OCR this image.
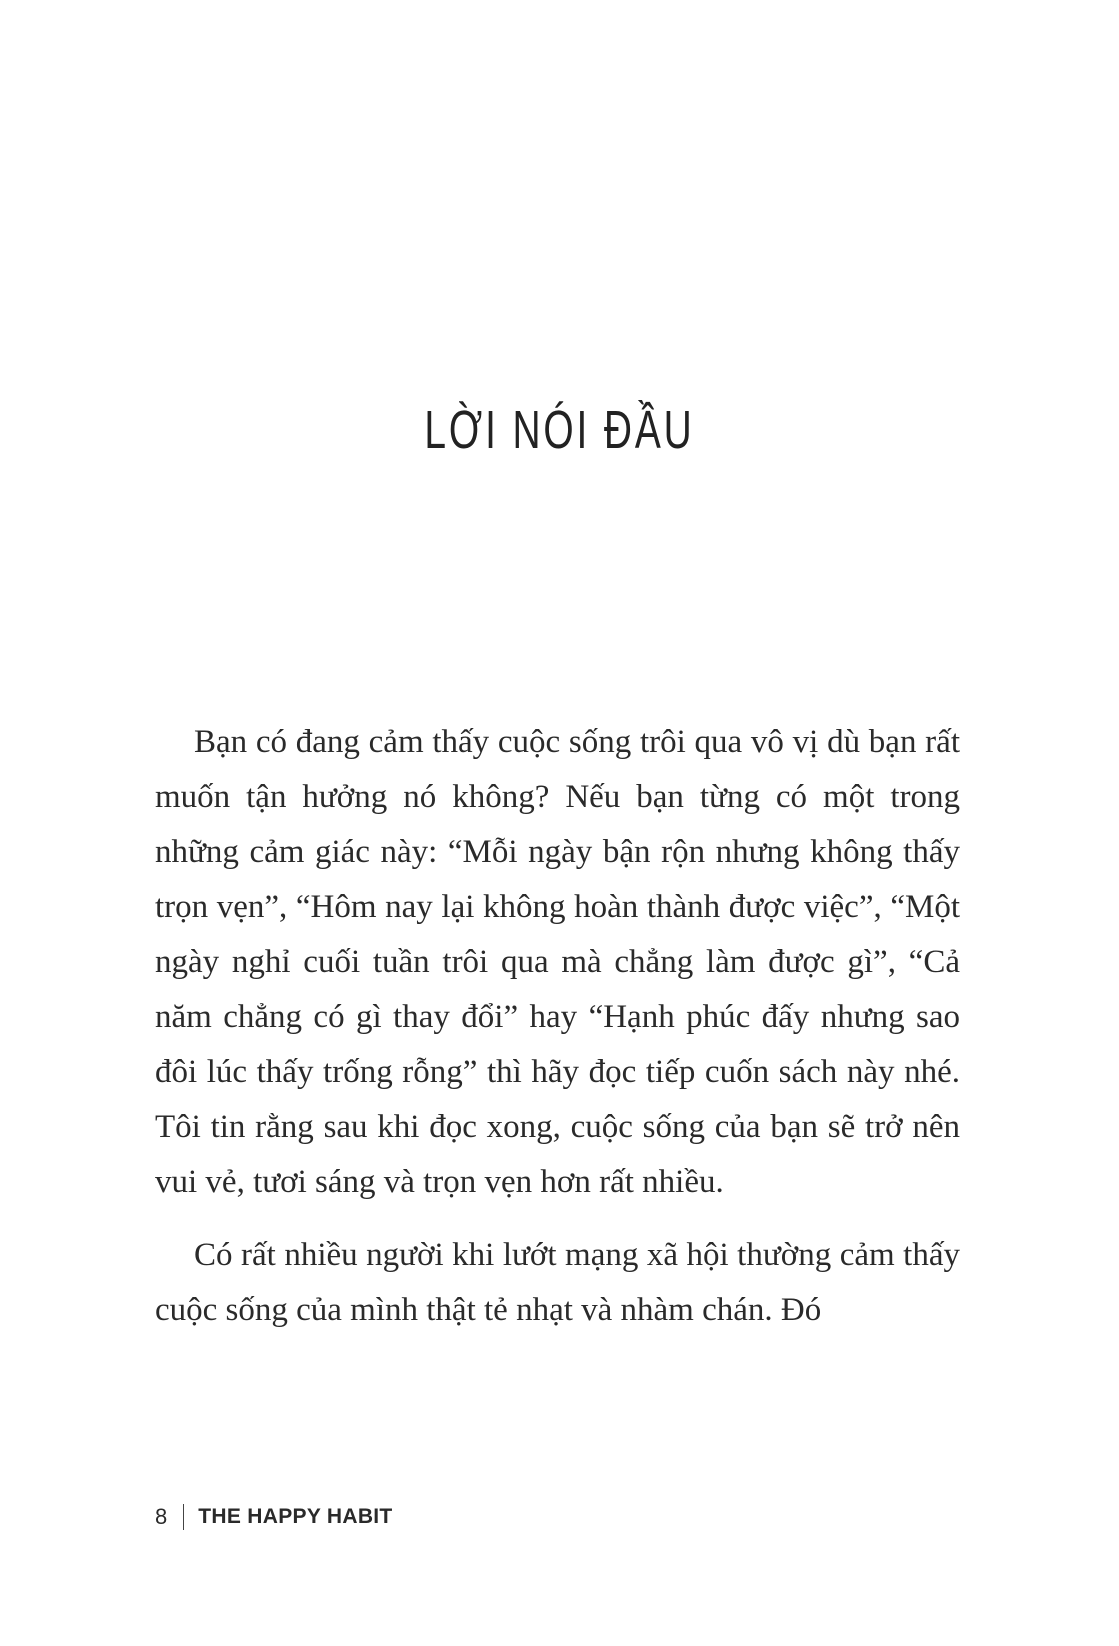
LỜI NÓI ĐẦU

Bạn có đang cảm thấy cuộc sống trôi qua vô vị dù bạn rất muốn tận hưởng nó không? Nếu bạn từng có một trong những cảm giác này: “Mỗi ngày bận rộn nhưng không thấy trọn vẹn”, “Hôm nay lại không hoàn thành được việc”, “Một ngày nghỉ cuối tuần trôi qua mà chẳng làm được gì”, “Cả năm chẳng có gì thay đổi” hay “Hạnh phúc đấy nhưng sao đôi lúc thấy trống rỗng” thì hãy đọc tiếp cuốn sách này nhé. Tôi tin rằng sau khi đọc xong, cuộc sống của bạn sẽ trở nên vui vẻ, tươi sáng và trọn vẹn hơn rất nhiều.

Có rất nhiều người khi lướt mạng xã hội thường cảm thấy cuộc sống của mình thật tẻ nhạt và nhàm chán. Đó

8 THE HAPPY HABIT
